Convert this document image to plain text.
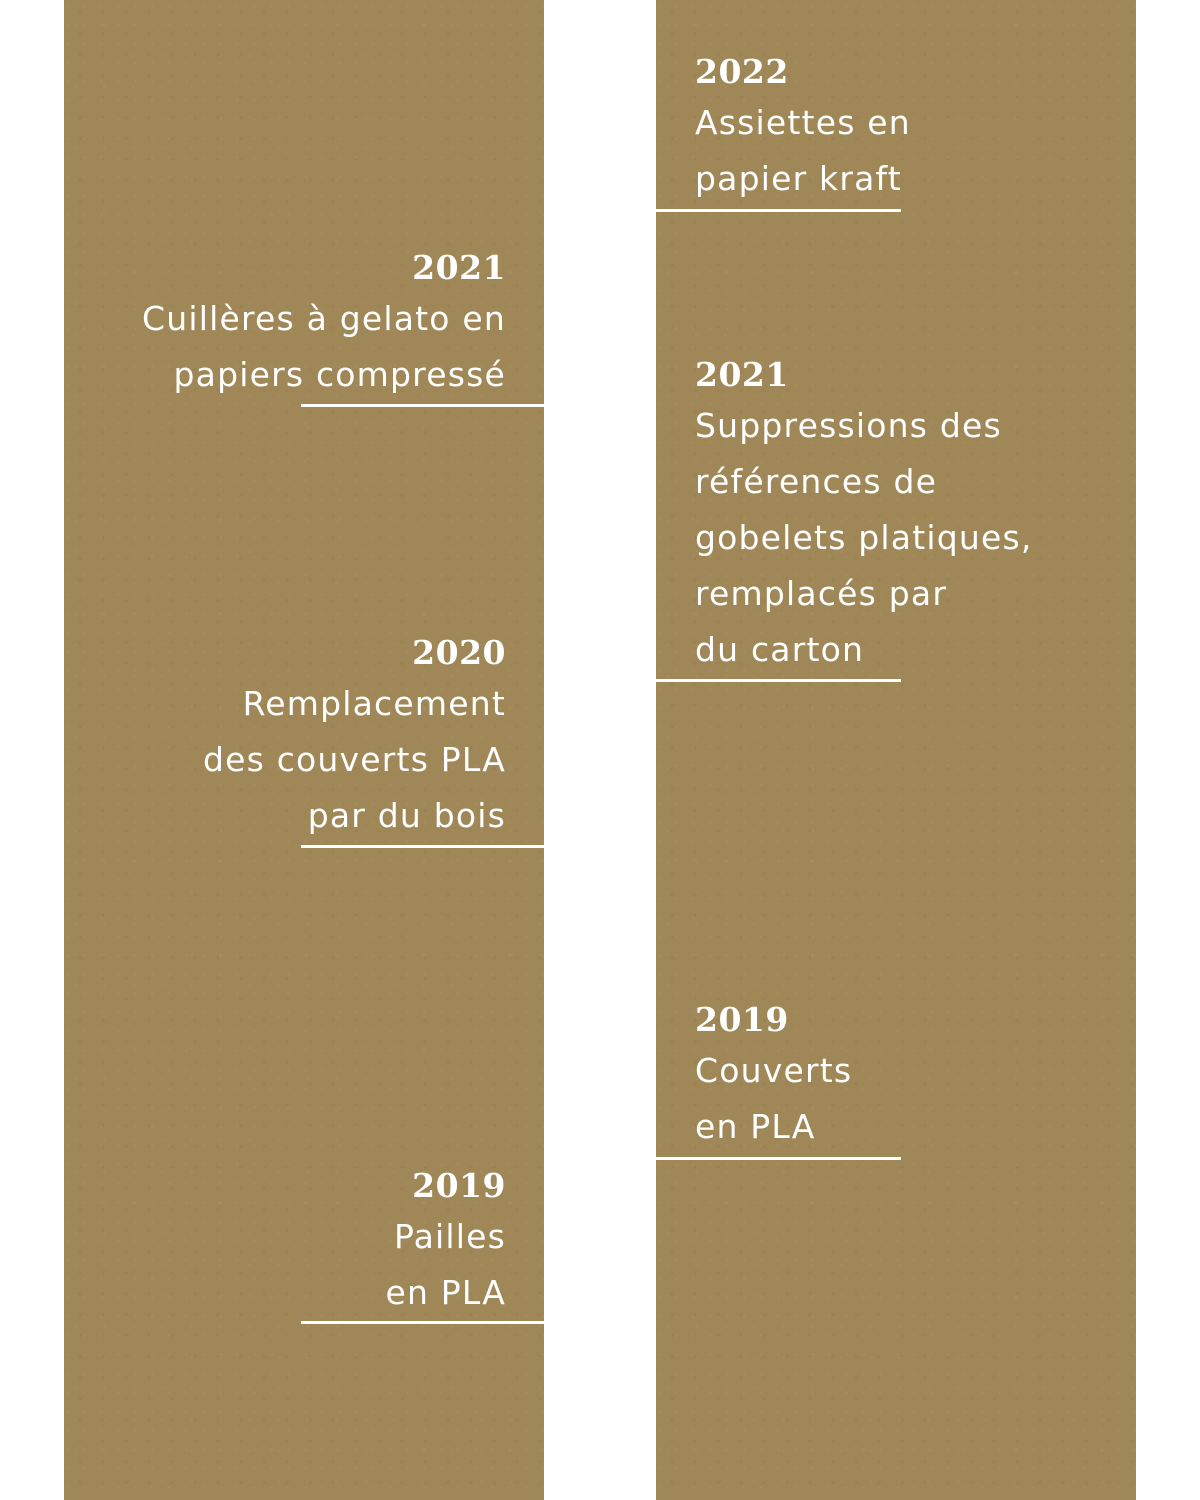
2021
Cuillères à gelato en
papiers compressé
2020
Remplacement
des couverts PLA
par du bois
2019
Pailles
en PLA
2022
Assiettes en
papier kraft
2021
Suppressions des
références de
gobelets platiques,
remplacés par
du carton
2019
Couverts
en PLA
